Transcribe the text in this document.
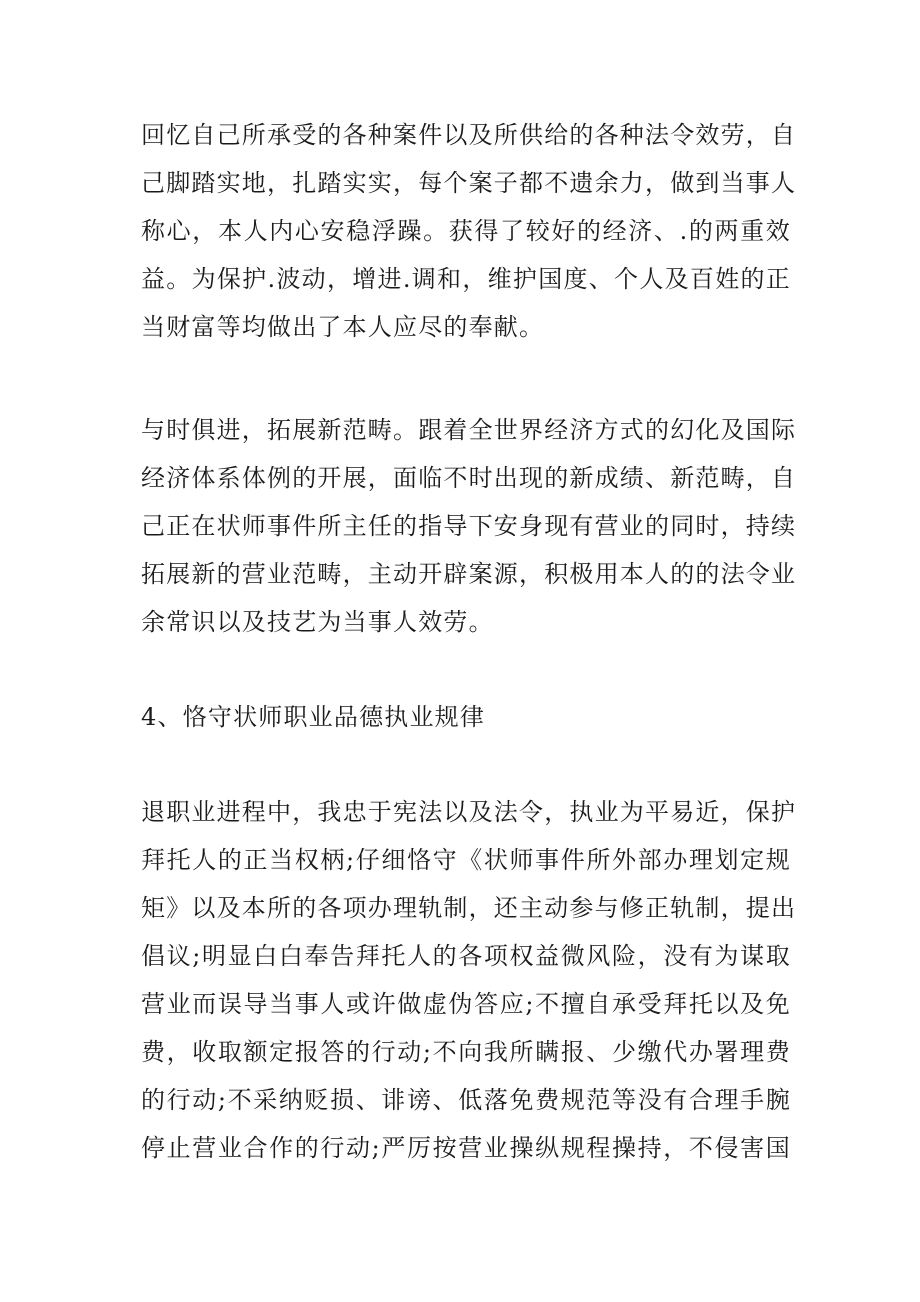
回忆自己所承受的各种案件以及所供给的各种法令效劳，自
己脚踏实地，扎踏实实，每个案子都不遗余力，做到当事人
称心，本人内心安稳浮躁。获得了较好的经济、.的两重效
益。为保护.波动，增进.调和，维护国度、个人及百姓的正
当财富等均做出了本人应尽的奉献。
与时俱进，拓展新范畴。跟着全世界经济方式的幻化及国际
经济体系体例的开展，面临不时出现的新成绩、新范畴，自
己正在状师事件所主任的指导下安身现有营业的同时，持续
拓展新的营业范畴，主动开辟案源，积极用本人的的法令业
余常识以及技艺为当事人效劳。
4、恪守状师职业品德执业规律
退职业进程中，我忠于宪法以及法令，执业为平易近，保护
拜托人的正当权柄;仔细恪守《状师事件所外部办理划定规
矩》以及本所的各项办理轨制，还主动参与修正轨制，提出
倡议;明显白白奉告拜托人的各项权益微风险，没有为谋取
营业而误导当事人或许做虚伪答应;不擅自承受拜托以及免
费，收取额定报答的行动;不向我所瞒报、少缴代办署理费
的行动;不采纳贬损、诽谤、低落免费规范等没有合理手腕
停止营业合作的行动;严厉按营业操纵规程操持，不侵害国
